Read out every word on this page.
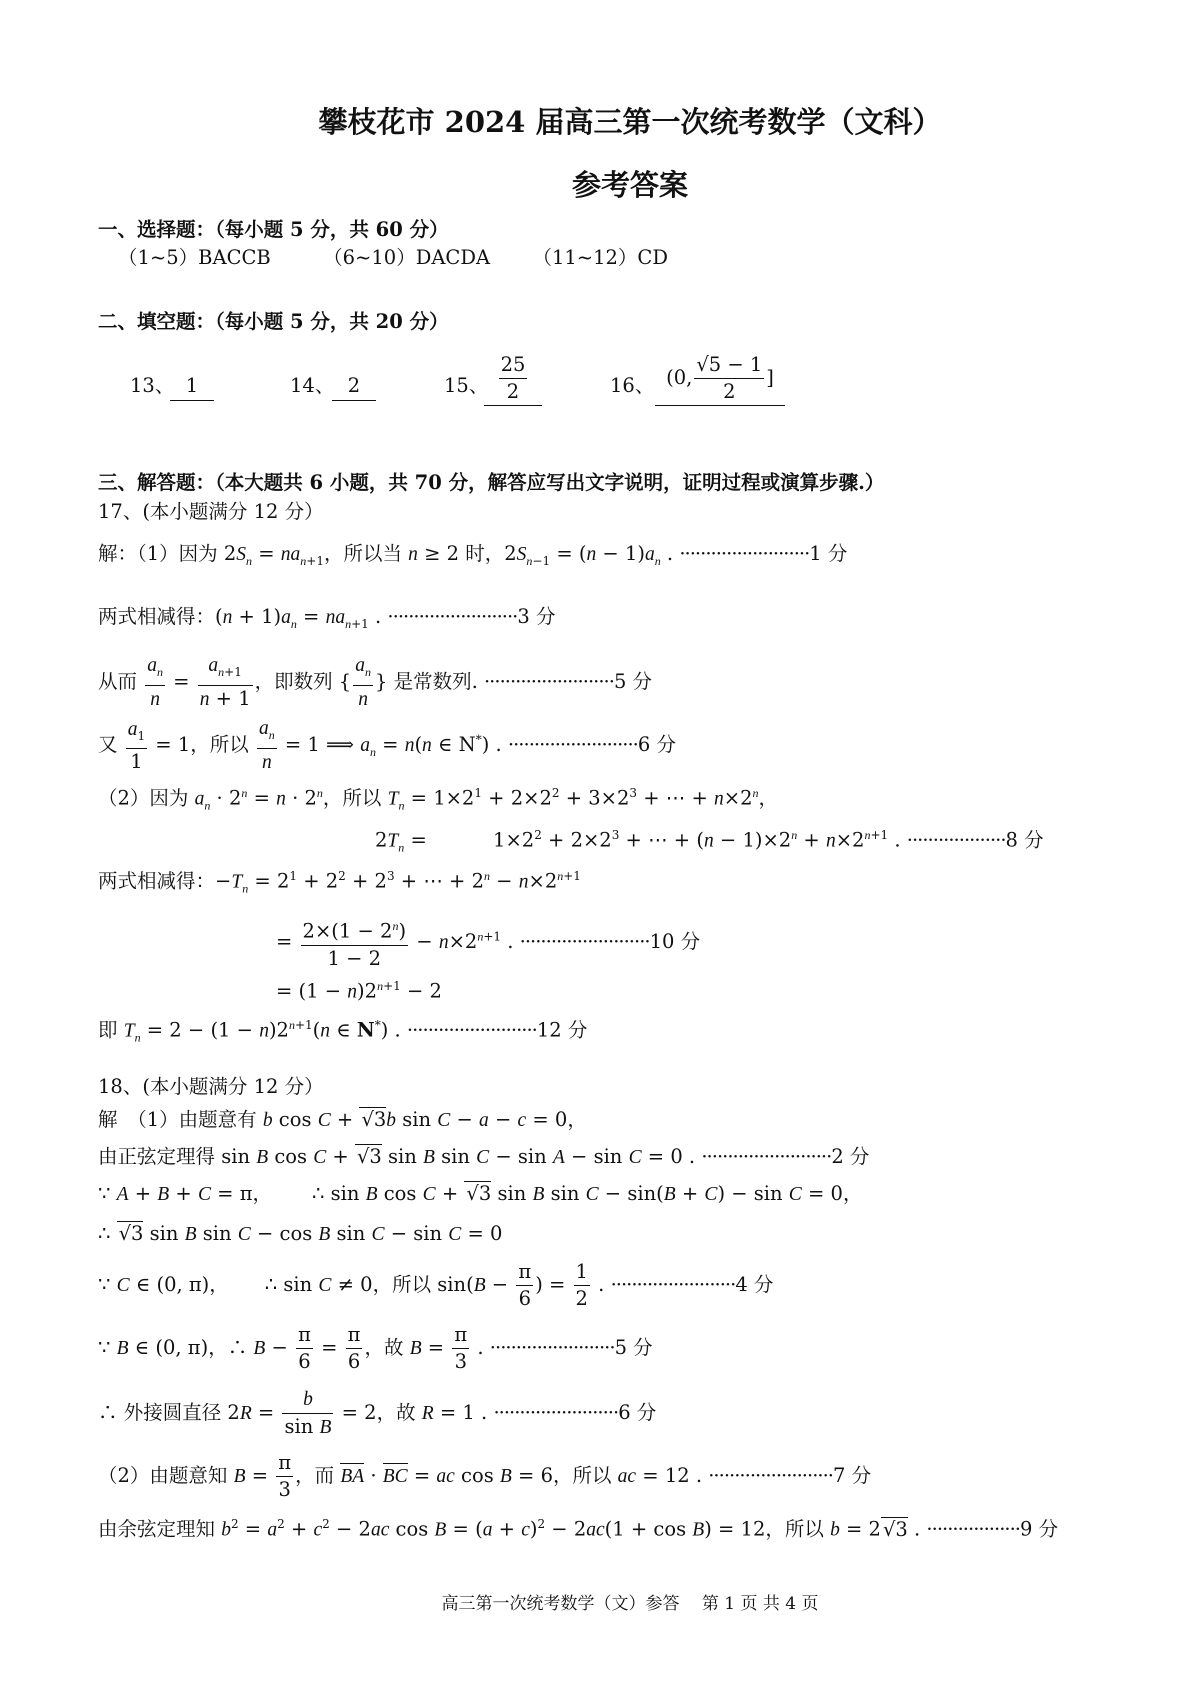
攀枝花市 2024 届高三第一次统考数学（文科）
参考答案
一、选择题：（每小题 5 分，共 60 分）
（1~5）BACCB	（6~10）DACDA （11~12）CD
二、填空题：（每小题 5 分，共 20 分）
13、 1	14、 2	15、 $\frac{25}{2}$	16、 (0, $\frac{√5 - 1}{2}$ ]
三、解答题：（本大题共 6 小题，共 70 分，解答应写出文字说明，证明过程或演算步骤.）
17、(本小题满分 12 分）
解：（1）因为 $2S_n = na_{n+1}$，所以当 n ≥ 2 时，$2S_{n-1} = (n - 1)a_n$ . ·························1 分
两式相减得：$(n + 1)a_n = na_{n+1}$ . ·························3 分
从而 $\frac{a_n}{n} = \frac{a_{n+1}}{n + 1}$ ，即数列 { $\frac{a_n}{n}$ } 是常数列. ·························5 分
又 $\frac{a_1}{1} = 1$，所以 $\frac{a_n}{n} = 1$ ⟹ $a_n = n(n$ ∈ N*) . ·························6 分
（2）因为 $a_n \cdot 2^n = n \cdot 2^n$，所以 $T_n = 1\times 2^1 + 2\times 2^2 + 3\times 2^3$ + ⋯ + $n\times 2^n$，
$2T_n$ =	$1\times 2^2 + 2\times 2^3$ + ⋯ + $(n - 1)\times 2^n + n\times 2^{n+1}$ . ···················8 分
两式相减得：$-T_n = 2^1 + 2^2 + 2^3$ + ⋯ + $2^n - n\times 2^{n+1}$
= $\frac{2\times(1 - 2^n)}{1 - 2} - n\times 2^{n+1}$ . ·························10 分
= $(1 - n)2^{n+1} - 2$
即 $T_n = 2 - (1 - n)2^{n+1}(n$ ∈ N*) . ·························12 分
18、(本小题满分 12 分）
解　（1）由题意有 b cos C + √3b sin C − a − c = 0，
由正弦定理得 sin B cos C + √3 sin B sin C − sin A − sin C = 0 . ·························2 分
∵ A + B + C = π， ∴ sin B cos C + √3 sin B sin C − sin(B + C) − sin C = 0，
∴ √3 sin B sin C − cos B sin C − sin C = 0
∵ C ∈ (0, π)， ∴ sin C ≠ 0，所以 $\sin(B - \frac{\pi}{6}$ ) = $\frac{1}{2}$ . ························4 分
∵ B ∈ (0, π)，∴ $B - \frac{\pi}{6} = \frac{\pi}{6}$ ，故 $B = \frac{\pi}{3}$ . ························5 分
∴ 外接圆直径 $2R = \frac{b}{\text{sin B}} = 2$，故 R = 1 . ························6 分
（2）由题意知 $B = \frac{\pi}{3}$ ，而 BA · BC = ac cos B = 6，所以 ac = 12 . ························7 分
由余弦定理知 $b^2 = a^2 + c^2 - 2ac$ $\cos B = (a + c)^2 - 2ac(1 + \cos B) = 12$，所以 b = 2 √3 . ··················9 分
高三第一次统考数学（文）参答　 第 1 页 共 4 页
